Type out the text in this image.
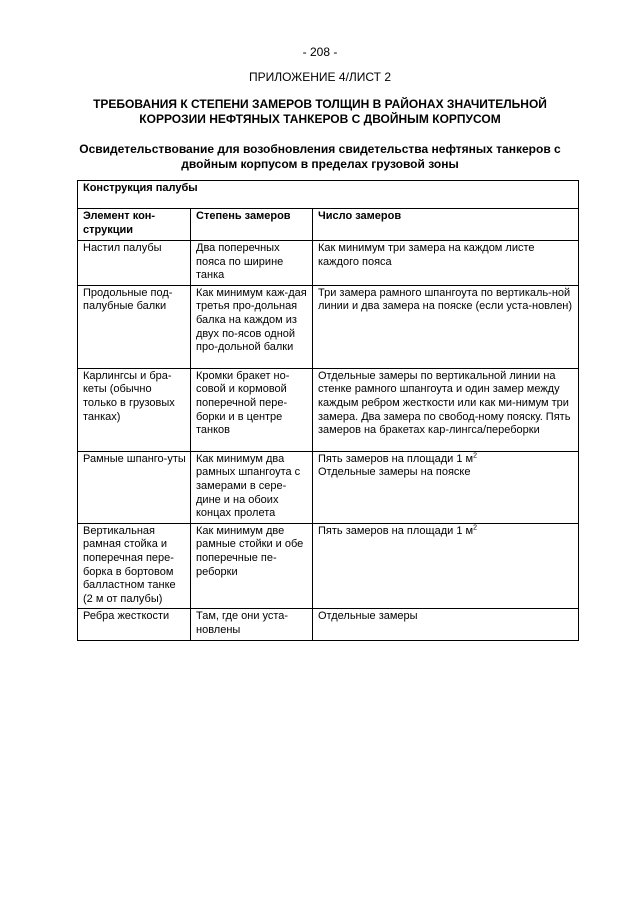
- 208 -
ПРИЛОЖЕНИЕ 4/ЛИСТ 2
ТРЕБОВАНИЯ К СТЕПЕНИ ЗАМЕРОВ ТОЛЩИН В РАЙОНАХ ЗНАЧИТЕЛЬНОЙ КОРРОЗИИ НЕФТЯНЫХ ТАНКЕРОВ С ДВОЙНЫМ КОРПУСОМ
Освидетельствование для возобновления свидетельства нефтяных танкеров с двойным корпусом в пределах грузовой зоны
Конструкция палубы		
Элемент кон-струкции	Степень замеров	Число замеров
Настил палубы	Два поперечных пояса по ширине танка	Как минимум три замера на каждом листе каждого пояса
Продольные под-палубные балки	Как минимум каж-дая третья про-дольная балка на каждом из двух по-ясов одной про-дольной балки	Три замера рамного шпангоута по вертикаль-ной линии и два замера на пояске (если уста-новлен)
Карлингсы и бра-кеты (обычно только в грузовых танках)	Кромки бракет но-совой и кормовой поперечной пере-борки и в центре танков	Отдельные замеры по вертикальной линии на стенке рамного шпангоута и один замер между каждым ребром жесткости или как ми-нимум три замера. Два замера по свобод-ному пояску. Пять замеров на бракетах кар-лингса/переборки
Рамные шпанго-уты	Как минимум два рамных шпангоута с замерами в сере-дине и на обоих концах пролета	Пять замеров на площади 1 $м^2$
Отдельные замеры на пояске
Вертикальная рамная стойка и поперечная пере-борка в бортовом балластном танке (2 м от палубы)	Как минимум две рамные стойки и обе поперечные пе-реборки	Пять замеров на площади 1 $м^2$
Ребра жесткости	Там, где они уста-новлены	Отдельные замеры
